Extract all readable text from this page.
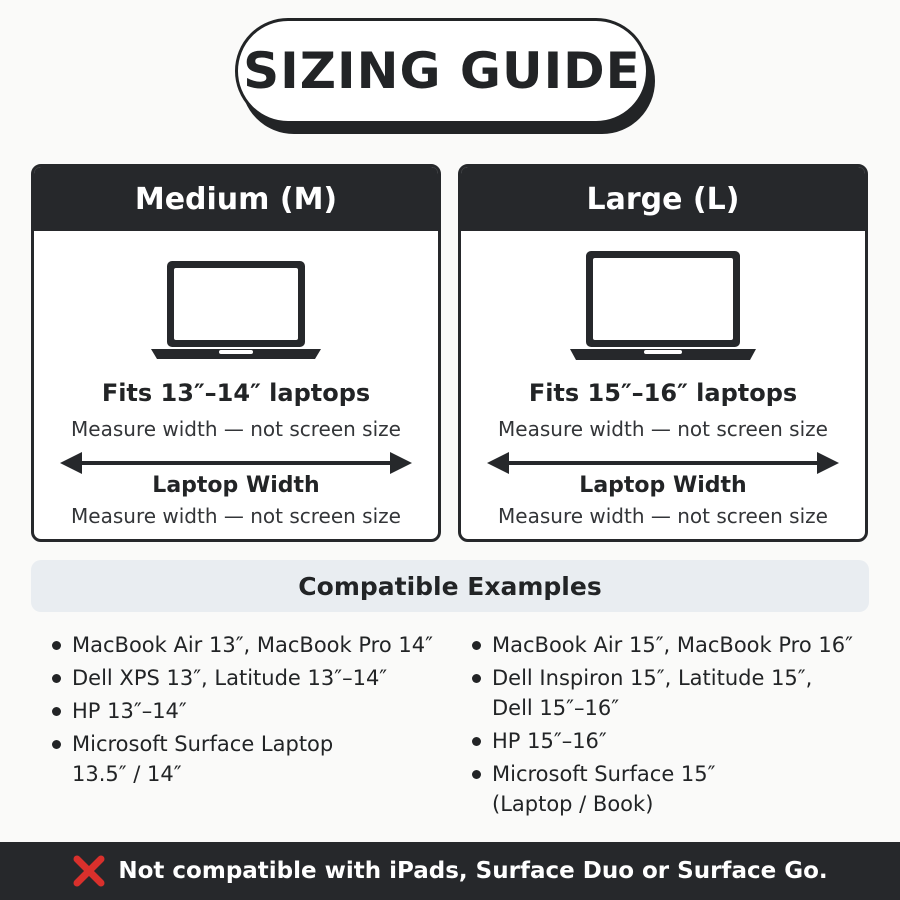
SIZING GUIDE
Medium (M)
Fits 13″–14″ laptops
Measure width — not screen size
Laptop Width
Measure width — not screen size
Large (L)
Fits 15″–16″ laptops
Measure width — not screen size
Laptop Width
Measure width — not screen size
Compatible Examples
MacBook Air 13″, MacBook Pro 14″
Dell XPS 13″, Latitude 13″–14″
HP 13″–14″
Microsoft Surface Laptop
13.5″ / 14″
MacBook Air 15″, MacBook Pro 16″
Dell Inspiron 15″, Latitude 15″,
Dell 15″–16″
HP 15″–16″
Microsoft Surface 15″
(Laptop / Book)
Not compatible with iPads, Surface Duo or Surface Go.
